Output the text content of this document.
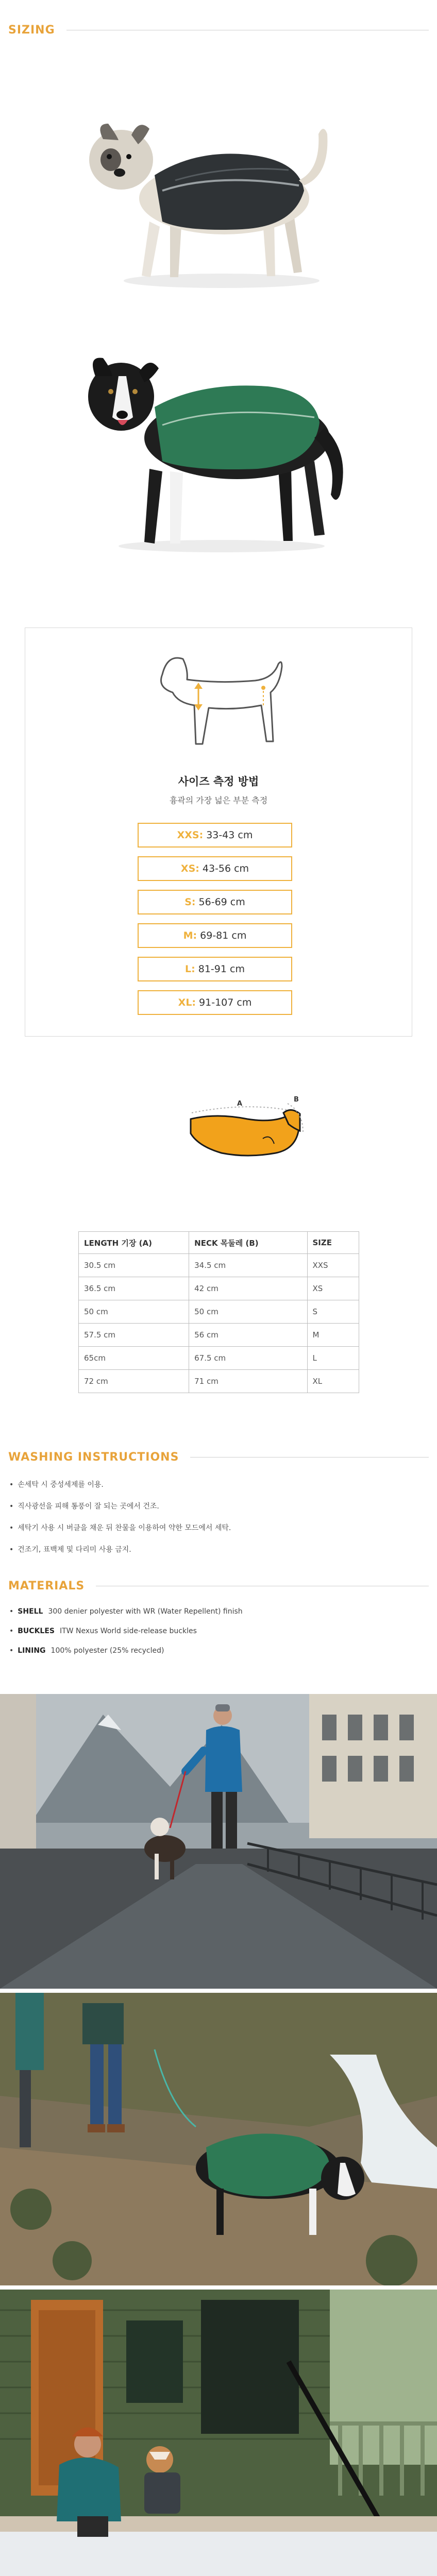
SIZING
사이즈 측정 방법
흉곽의 가장 넓은 부분 측정
XXS: 33-43 cm
XS: 43-56 cm
S: 56-69 cm
M: 69-81 cm
L: 81-91 cm
XL: 91-107 cm
A
B
LENGTH 기장 (A)	NECK 목둘레 (B)	SIZE
30.5 cm	34.5 cm	XXS
36.5 cm	42 cm	XS
50 cm	50 cm	S
57.5 cm	56 cm	M
65cm	67.5 cm	L
72 cm	71 cm	XL
WASHING INSTRUCTIONS
• 손세탁 시 중성세제를 이용.
• 직사광선을 피해 통풍이 잘 되는 곳에서 건조.
• 세탁기 사용 시 버클을 채운 뒤 찬물을 이용하여 약한 모드에서 세탁.
• 건조기, 표백제 및 다리미 사용 금지.
MATERIALS
• SHELL 300 denier polyester with WR (Water Repellent) finish
• BUCKLES ITW Nexus World side-release buckles
• LINING 100% polyester (25% recycled)
